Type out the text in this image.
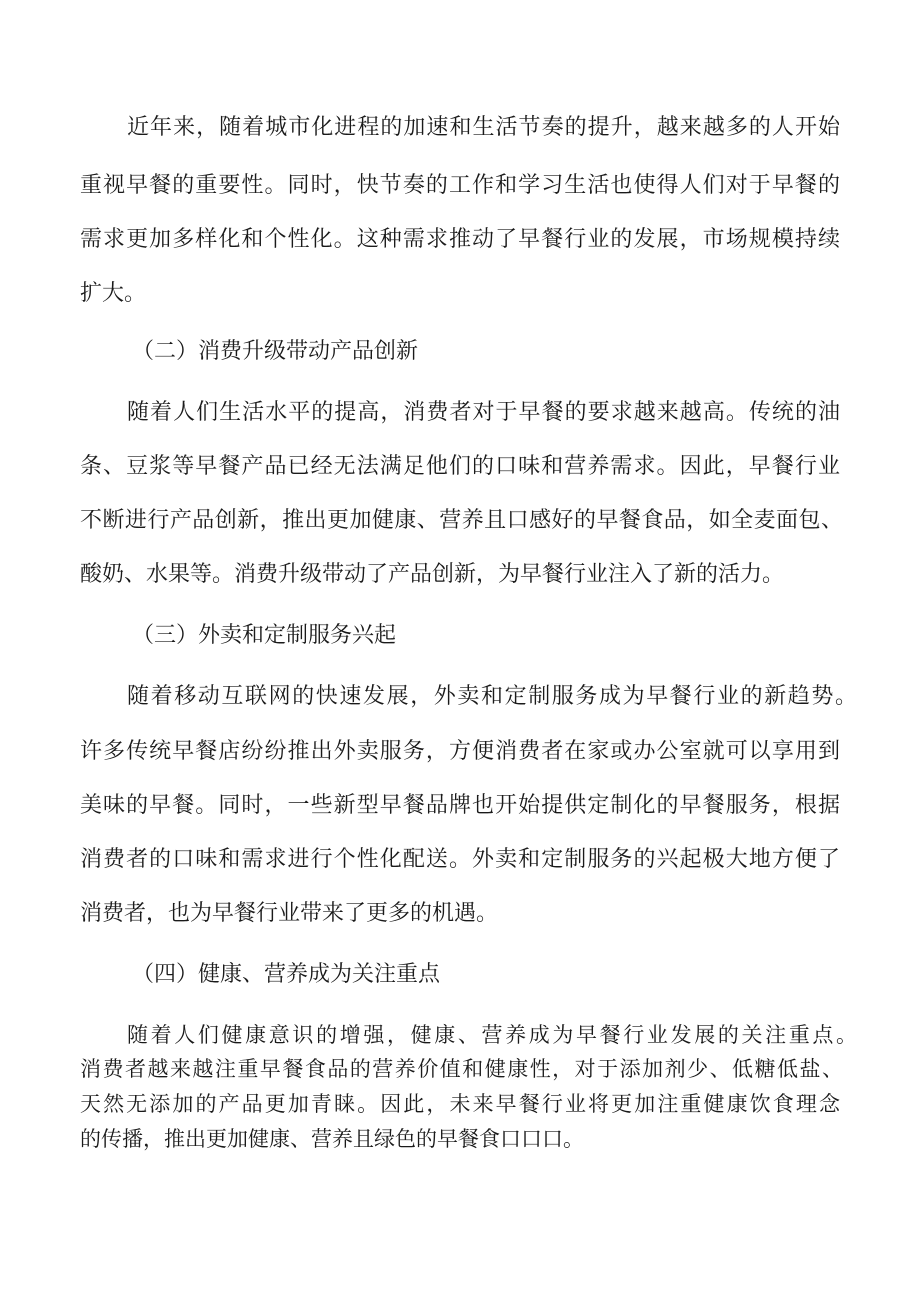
近年来，随着城市化进程的加速和生活节奏的提升，越来越多的人开始

重视早餐的重要性。同时，快节奏的工作和学习生活也使得人们对于早餐的

需求更加多样化和个性化。这种需求推动了早餐行业的发展，市场规模持续

扩大。

（二）消费升级带动产品创新

随着人们生活水平的提高，消费者对于早餐的要求越来越高。传统的油

条、豆浆等早餐产品已经无法满足他们的口味和营养需求。因此，早餐行业

不断进行产品创新，推出更加健康、营养且口感好的早餐食品，如全麦面包、

酸奶、水果等。消费升级带动了产品创新，为早餐行业注入了新的活力。

（三）外卖和定制服务兴起

随着移动互联网的快速发展，外卖和定制服务成为早餐行业的新趋势。

许多传统早餐店纷纷推出外卖服务，方便消费者在家或办公室就可以享用到

美味的早餐。同时，一些新型早餐品牌也开始提供定制化的早餐服务，根据

消费者的口味和需求进行个性化配送。外卖和定制服务的兴起极大地方便了

消费者，也为早餐行业带来了更多的机遇。

（四）健康、营养成为关注重点

随着人们健康意识的增强，健康、营养成为早餐行业发展的关注重点。

消费者越来越注重早餐食品的营养价值和健康性，对于添加剂少、低糖低盐、

天然无添加的产品更加青睐。因此，未来早餐行业将更加注重健康饮食理念

的传播，推出更加健康、营养且绿色的早餐食口口口。
